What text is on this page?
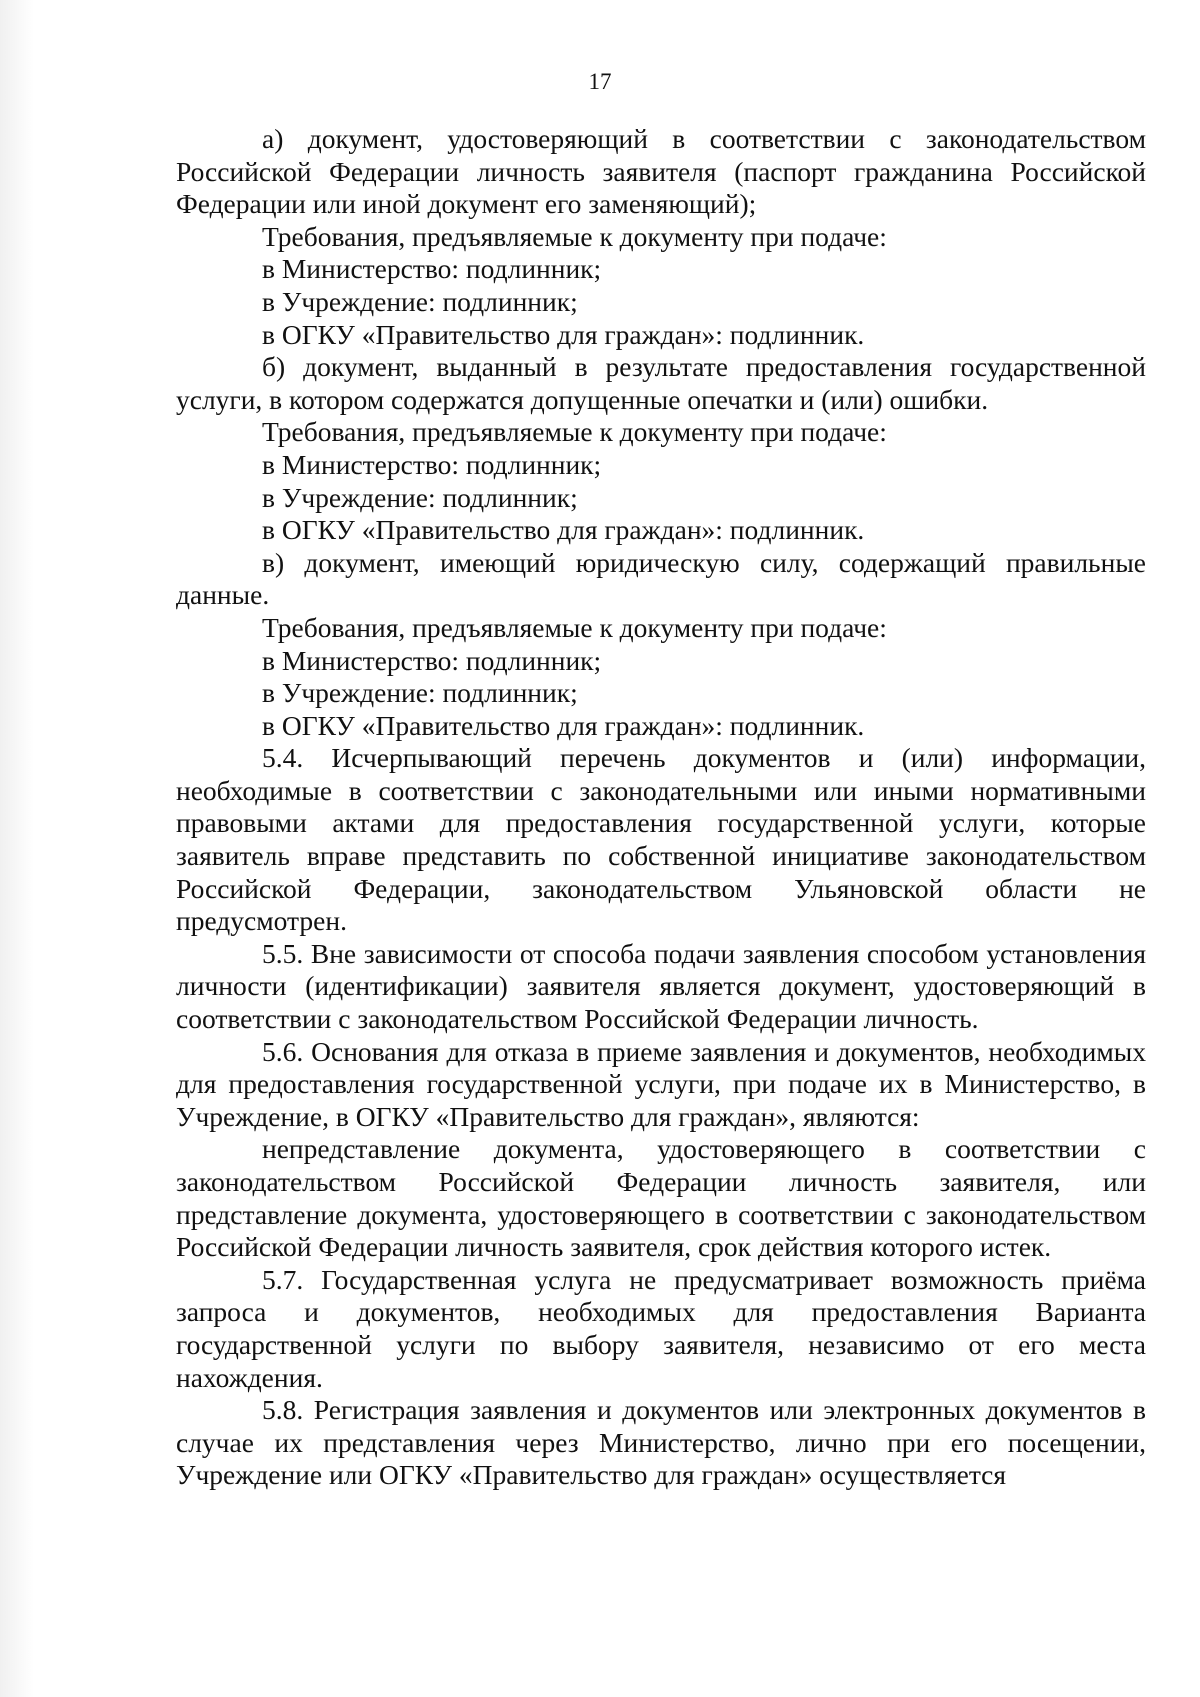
17

а) документ, удостоверяющий в соответствии с законодательством Российской Федерации личность заявителя (паспорт гражданина Российской Федерации или иной документ его заменяющий);

Требования, предъявляемые к документу при подаче:

в Министерство: подлинник;

в Учреждение: подлинник;

в ОГКУ «Правительство для граждан»: подлинник.

б) документ, выданный в результате предоставления государственной услуги, в котором содержатся допущенные опечатки и (или) ошибки.

Требования, предъявляемые к документу при подаче:

в Министерство: подлинник;

в Учреждение: подлинник;

в ОГКУ «Правительство для граждан»: подлинник.

в) документ, имеющий юридическую силу, содержащий правильные данные.

Требования, предъявляемые к документу при подаче:

в Министерство: подлинник;

в Учреждение: подлинник;

в ОГКУ «Правительство для граждан»: подлинник.

5.4. Исчерпывающий перечень документов и (или) информации, необходимые в соответствии с законодательными или иными нормативными правовыми актами для предоставления государственной услуги, которые заявитель вправе представить по собственной инициативе законодательством Российской Федерации, законодательством Ульяновской области не предусмотрен.

5.5. Вне зависимости от способа подачи заявления способом установления личности (идентификации) заявителя является документ, удостоверяющий в соответствии с законодательством Российской Федерации личность.

5.6. Основания для отказа в приеме заявления и документов, необходимых для предоставления государственной услуги, при подаче их в Министерство, в Учреждение, в ОГКУ «Правительство для граждан», являются:

непредставление документа, удостоверяющего в соответствии с законодательством Российской Федерации личность заявителя, или представление документа, удостоверяющего в соответствии с законодательством Российской Федерации личность заявителя, срок действия которого истек.

5.7. Государственная услуга не предусматривает возможность приёма запроса и документов, необходимых для предоставления Варианта государственной услуги по выбору заявителя, независимо от его места нахождения.

5.8. Регистрация заявления и документов или электронных документов в случае их представления через Министерство, лично при его посещении, Учреждение или ОГКУ «Правительство для граждан» осуществляется
